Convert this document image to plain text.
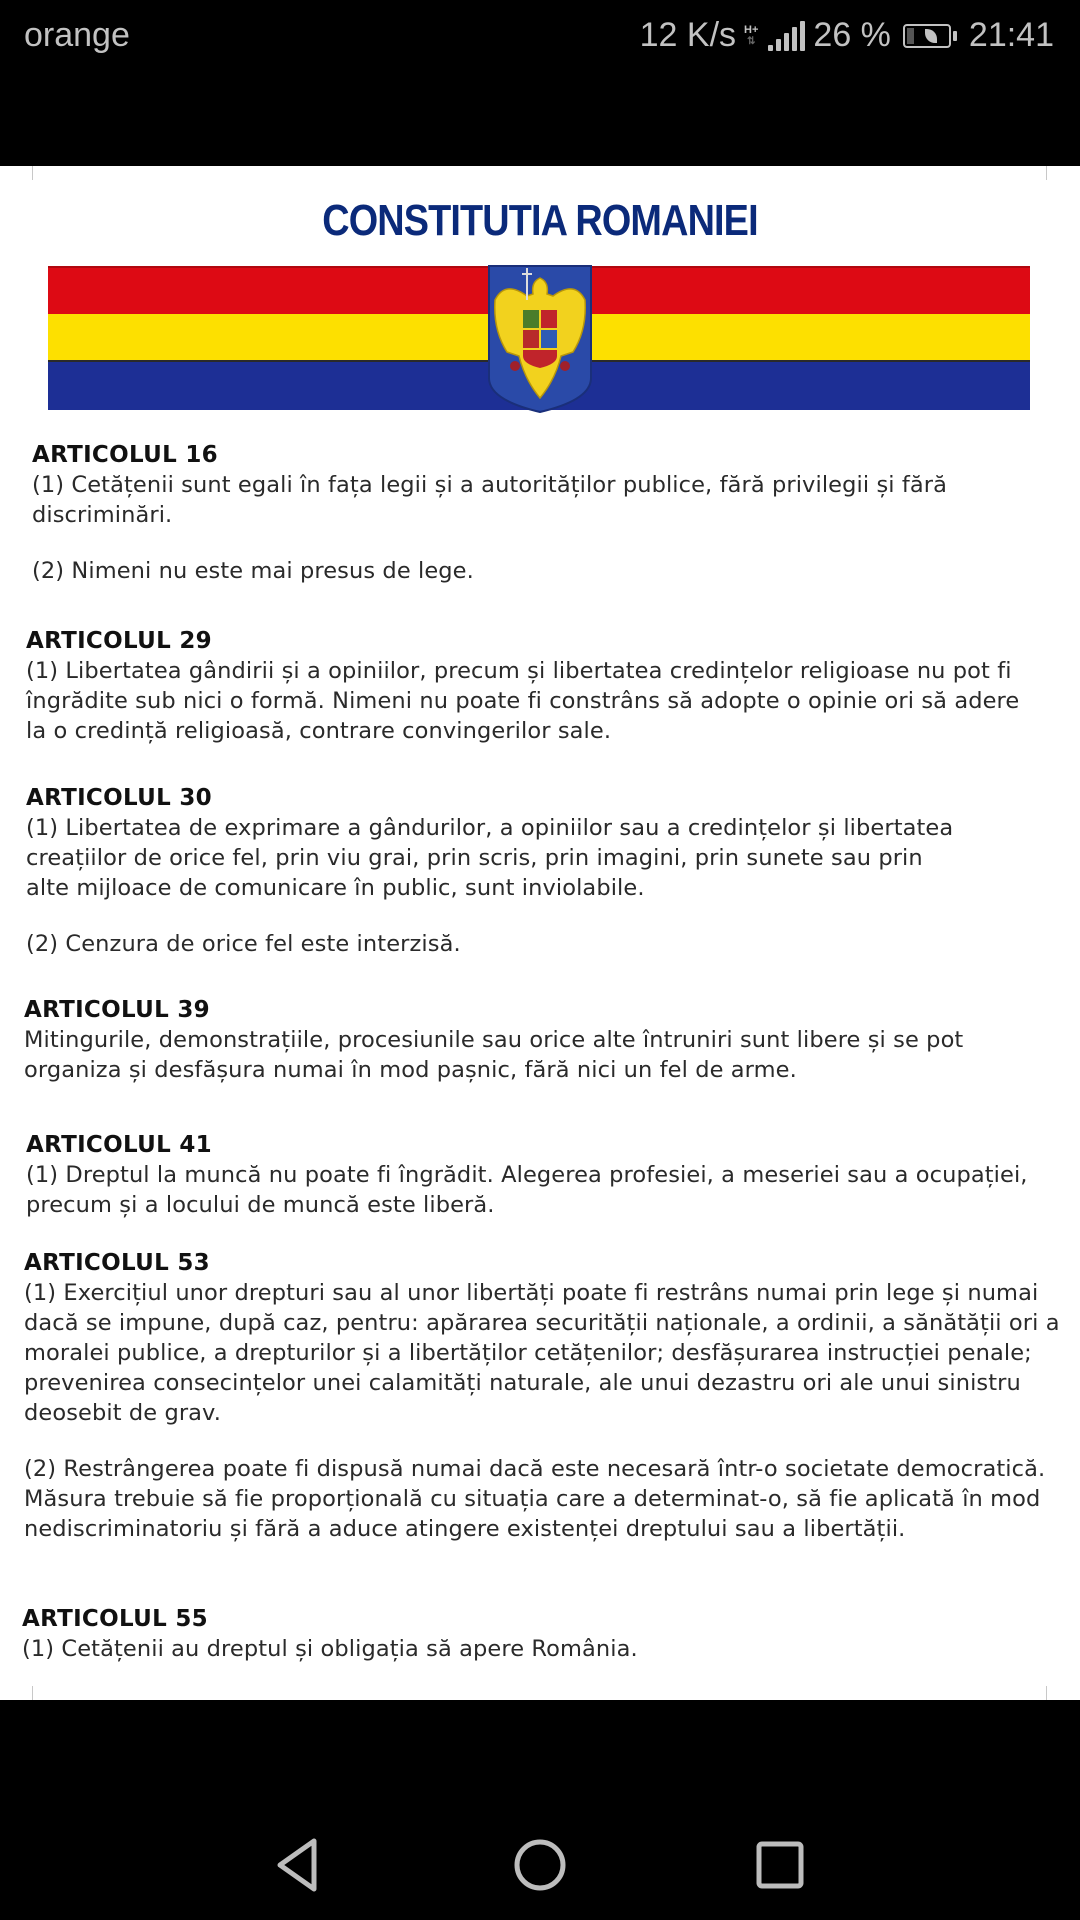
orange	12 K/s H+
⇅ 26 % 21:41
CONSTITUTIA ROMANIEI

ARTICOLUL 16

(1) Cetățenii sunt egali în fața legii și a autorităților publice, fără privilegii și fără discriminări.

(2) Nimeni nu este mai presus de lege.

ARTICOLUL 29

(1) Libertatea gândirii și a opiniilor, precum și libertatea credințelor religioase nu pot fi îngrădite sub nici o formă. Nimeni nu poate fi constrâns să adopte o opinie ori să adere la o credință religioasă, contrare convingerilor sale.

ARTICOLUL 30

(1) Libertatea de exprimare a gândurilor, a opiniilor sau a credințelor și libertatea creațiilor de orice fel, prin viu grai, prin scris, prin imagini, prin sunete sau prin alte mijloace de comunicare în public, sunt inviolabile.

(2) Cenzura de orice fel este interzisă.

ARTICOLUL 39

Mitingurile, demonstrațiile, procesiunile sau orice alte întruniri sunt libere și se pot organiza și desfășura numai în mod pașnic, fără nici un fel de arme.

ARTICOLUL 41

(1) Dreptul la muncă nu poate fi îngrădit. Alegerea profesiei, a meseriei sau a ocupației, precum și a locului de muncă este liberă.

ARTICOLUL 53

(1) Exercițiul unor drepturi sau al unor libertăți poate fi restrâns numai prin lege și numai dacă se impune, după caz, pentru: apărarea securității naționale, a ordinii, a sănătății ori a moralei publice, a drepturilor și a libertăților cetățenilor; desfășurarea instrucției penale; prevenirea consecințelor unei calamități naturale, ale unui dezastru ori ale unui sinistru deosebit de grav.

(2) Restrângerea poate fi dispusă numai dacă este necesară într-o societate democratică. Măsura trebuie să fie proporțională cu situația care a determinat-o, să fie aplicată în mod nediscriminatoriu și fără a aduce atingere existenței dreptului sau a libertății.

ARTICOLUL 55

(1) Cetățenii au dreptul și obligația să apere România.
